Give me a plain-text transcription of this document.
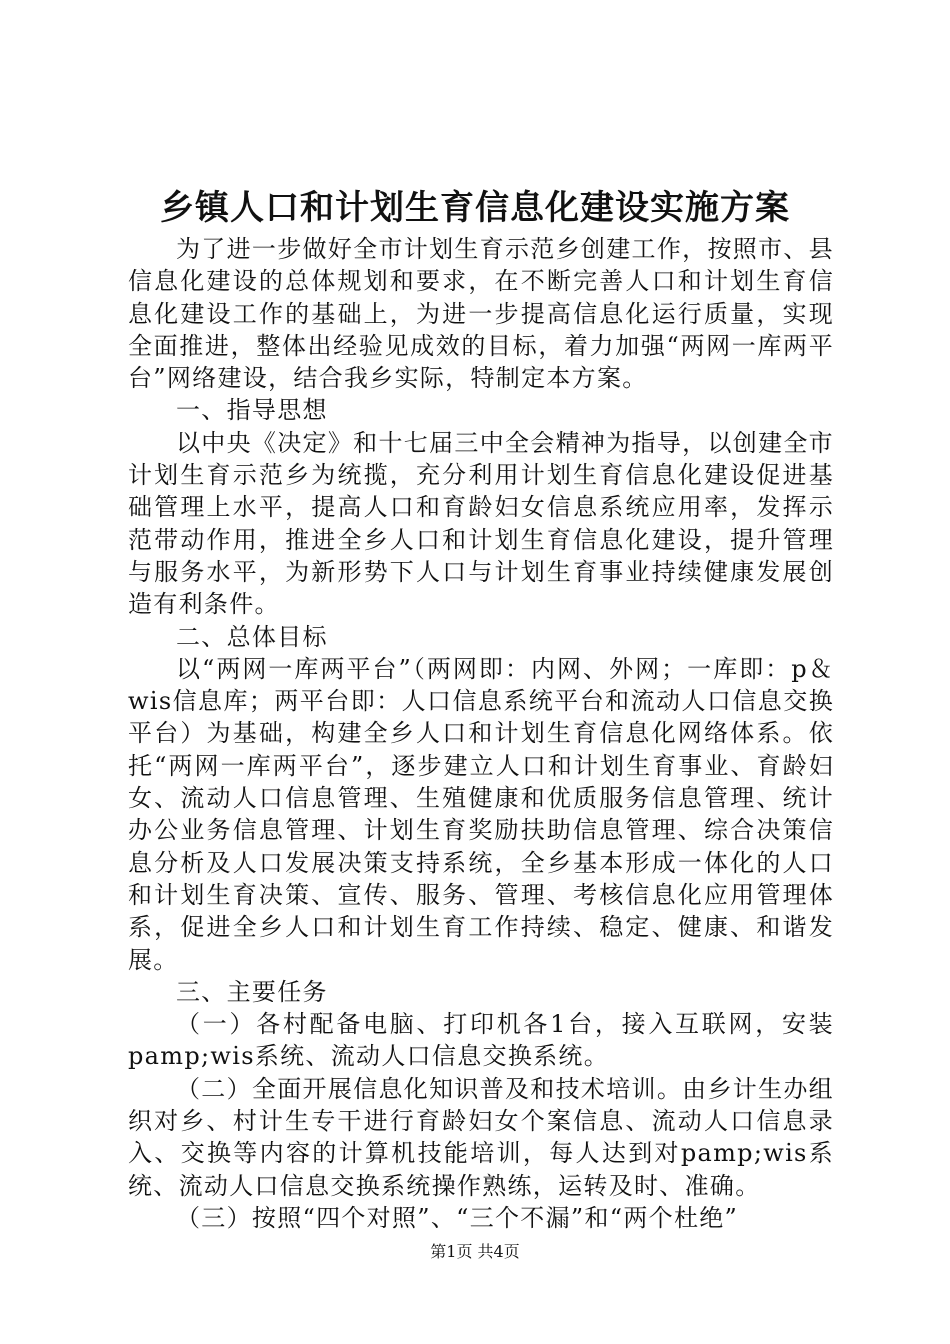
乡镇人口和计划生育信息化建设实施方案

为了进一步做好全市计划生育示范乡创建工作，按照市、县信息化建设的总体规划和要求，在不断完善人口和计划生育信息化建设工作的基础上，为进一步提高信息化运行质量，实现全面推进，整体出经验见成效的目标，着力加强“两网一库两平台”网络建设，结合我乡实际，特制定本方案。

一、指导思想

以中央《决定》和十七届三中全会精神为指导，以创建全市计划生育示范乡为统揽，充分利用计划生育信息化建设促进基础管理上水平，提高人口和育龄妇女信息系统应用率，发挥示范带动作用，推进全乡人口和计划生育信息化建设，提升管理与服务水平，为新形势下人口与计划生育事业持续健康发展创造有利条件。

二、总体目标

以“两网一库两平台”（两网即：内网、外网；一库即：p＆wis信息库；两平台即：人口信息系统平台和流动人口信息交换平台）为基础，构建全乡人口和计划生育信息化网络体系。依托“两网一库两平台”，逐步建立人口和计划生育事业、育龄妇女、流动人口信息管理、生殖健康和优质服务信息管理、统计办公业务信息管理、计划生育奖励扶助信息管理、综合决策信息分析及人口发展决策支持系统，全乡基本形成一体化的人口和计划生育决策、宣传、服务、管理、考核信息化应用管理体系，促进全乡人口和计划生育工作持续、稳定、健康、和谐发展。

三、主要任务

（一）各村配备电脑、打印机各1台，接入互联网，安装pamp;wis系统、流动人口信息交换系统。

（二）全面开展信息化知识普及和技术培训。由乡计生办组织对乡、村计生专干进行育龄妇女个案信息、流动人口信息录入、交换等内容的计算机技能培训，每人达到对pamp;wis系统、流动人口信息交换系统操作熟练，运转及时、准确。

（三）按照“四个对照”、“三个不漏”和“两个杜绝”

第1页 共4页
